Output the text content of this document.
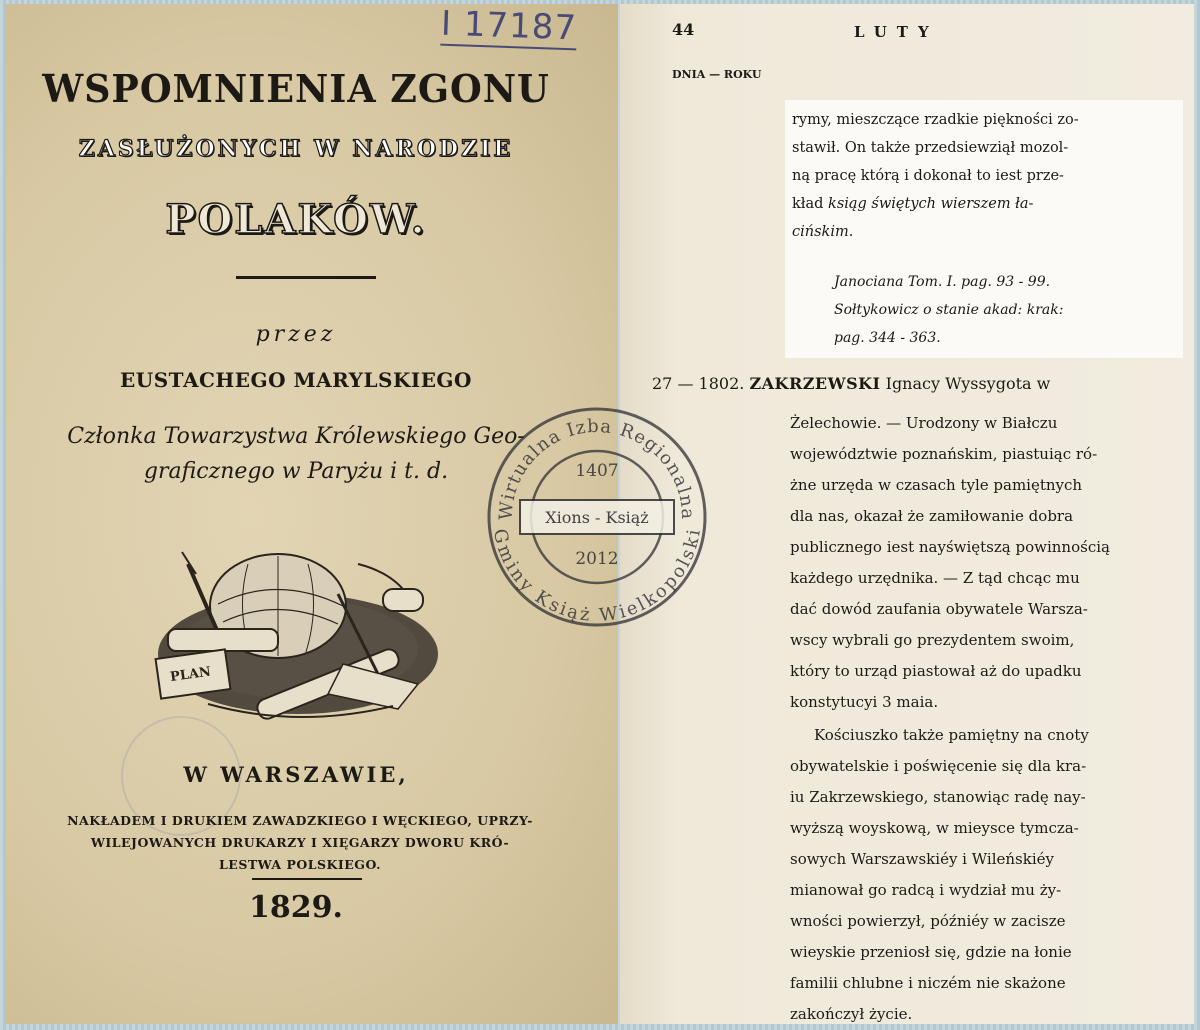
I 17187
WSPOMNIENIA ZGONU
ZASŁUŻONYCH W NARODZIE
POLAKÓW.
przez
EUSTACHEGO MARYLSKIEGO
Członka Towarzystwa Królewskiego Geo-
graficznego w Paryżu i t. d.
PLAN
W WARSZAWIE,
NAKŁADEM I DRUKIEM ZAWADZKIEGO I WĘCKIEGO, UPRZY-
WILEJOWANYCH DRUKARZY I XIĘGARZY DWORU KRÓ-
LESTWA POLSKIEGO.
1829.
44	LUTY
DNIA — ROKU
rymy, mieszczące rzadkie piękności zo-
stawił. On także przedsiewziął mozol-
ną pracę którą i dokonał to iest prze-
kład ksiąg świętych wierszem ła-
cińskim.
Janociana Tom. I. pag. 93 - 99.
Sołtykowicz o stanie akad: krak:
pag. 344 - 363.
27 — 1802. ZAKRZEWSKI Ignacy Wyssygota w
Żelechowie. — Urodzony w Białczu
województwie poznańskim, piastuiąc ró-
żne urzęda w czasach tyle pamiętnych
dla nas, okazał że zamiłowanie dobra
publicznego iest nayświętszą powinnością
każdego urzędnika. — Z tąd chcąc mu
dać dowód zaufania obywatele Warsza-
wscy wybrali go prezydentem swoim,
który to urząd piastował aż do upadku
konstytucyi 3 maia.
Kościuszko także pamiętny na cnoty
obywatelskie i poświęcenie się dla kra-
iu Zakrzewskiego, stanowiąc radę nay-
wyższą woyskową, w mieysce tymcza-
sowych Warszawskiéy i Wileńskiéy
mianował go radcą i wydział mu ży-
wności powierzył, późniéy w zacisze
wieyskie przeniosł się, gdzie na łonie
familii chlubne i niczém nie skażone
zakończył życie.
Wirtualna Izba Regionalna
Gminy Książ Wielkopolski
1407
Xions - Książ
2012
